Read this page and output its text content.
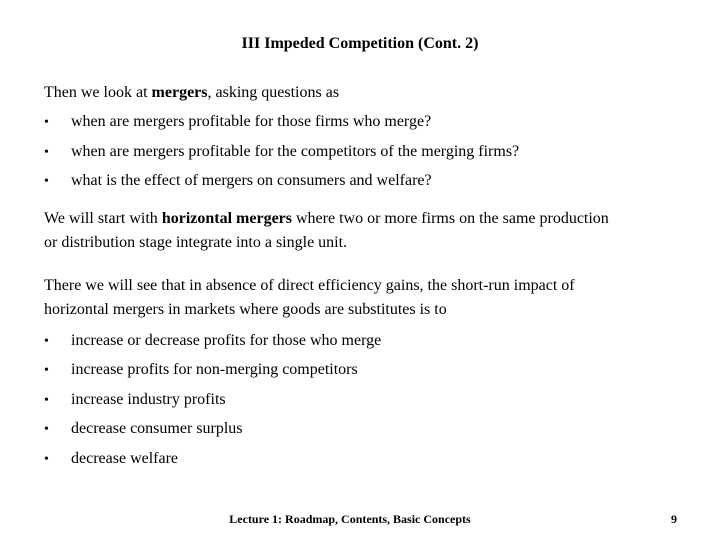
III Impeded Competition (Cont. 2)
Then we look at mergers, asking questions as
• when are mergers profitable for those firms who merge?
• when are mergers profitable for the competitors of the merging firms?
• what is the effect of mergers on consumers and welfare?
We will start with horizontal mergers where two or more firms on the same production
or distribution stage integrate into a single unit.
There we will see that in absence of direct efficiency gains, the short-run impact of
horizontal mergers in markets where goods are substitutes is to
• increase or decrease profits for those who merge
• increase profits for non-merging competitors
• increase industry profits
• decrease consumer surplus
• decrease welfare
Lecture 1: Roadmap, Contents, Basic Concepts	9
